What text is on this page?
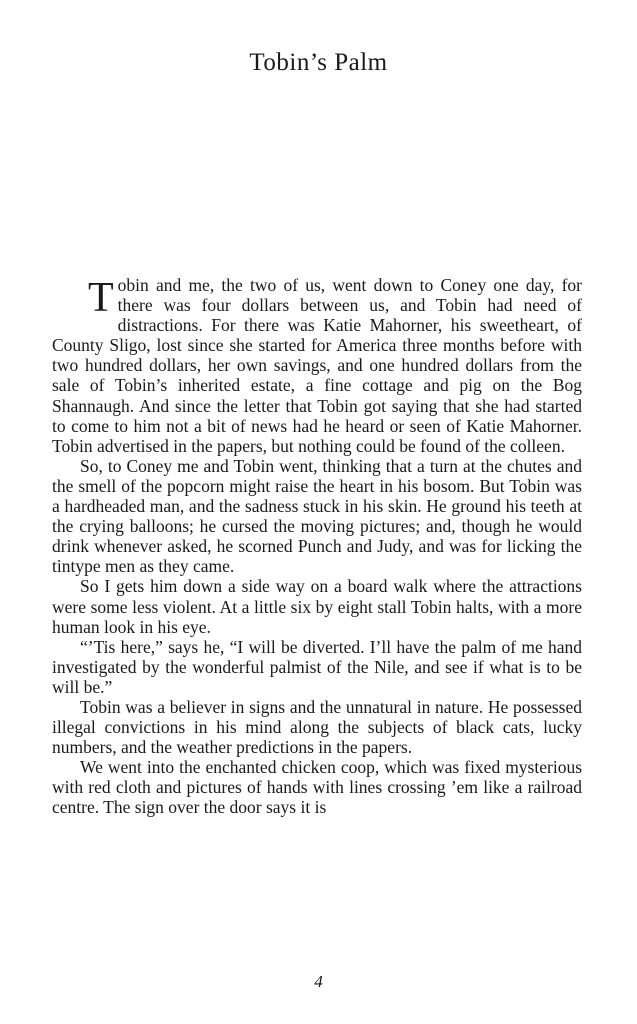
Tobin’s Palm

Tobin and me, the two of us, went down to Coney one day, for there was four dollars between us, and Tobin had need of distractions. For there was Katie Mahorner, his sweetheart, of County Sligo, lost since she started for America three months before with two hundred dollars, her own savings, and one hundred dollars from the sale of Tobin’s inherited estate, a fine cottage and pig on the Bog Shannaugh. And since the letter that Tobin got saying that she had started to come to him not a bit of news had he heard or seen of Katie Mahorner. Tobin advertised in the papers, but nothing could be found of the colleen.

So, to Coney me and Tobin went, thinking that a turn at the chutes and the smell of the popcorn might raise the heart in his bosom. But Tobin was a hardheaded man, and the sadness stuck in his skin. He ground his teeth at the crying balloons; he cursed the moving pictures; and, though he would drink whenever asked, he scorned Punch and Judy, and was for licking the tintype men as they came.

So I gets him down a side way on a board walk where the attractions were some less violent. At a little six by eight stall Tobin halts, with a more human look in his eye.

“’Tis here,” says he, “I will be diverted. I’ll have the palm of me hand investigated by the wonderful palmist of the Nile, and see if what is to be will be.”

Tobin was a believer in signs and the unnatural in nature. He possessed illegal convictions in his mind along the subjects of black cats, lucky numbers, and the weather predictions in the papers.

We went into the enchanted chicken coop, which was fixed mysterious with red cloth and pictures of hands with lines crossing ’em like a railroad centre. The sign over the door says it is

4
